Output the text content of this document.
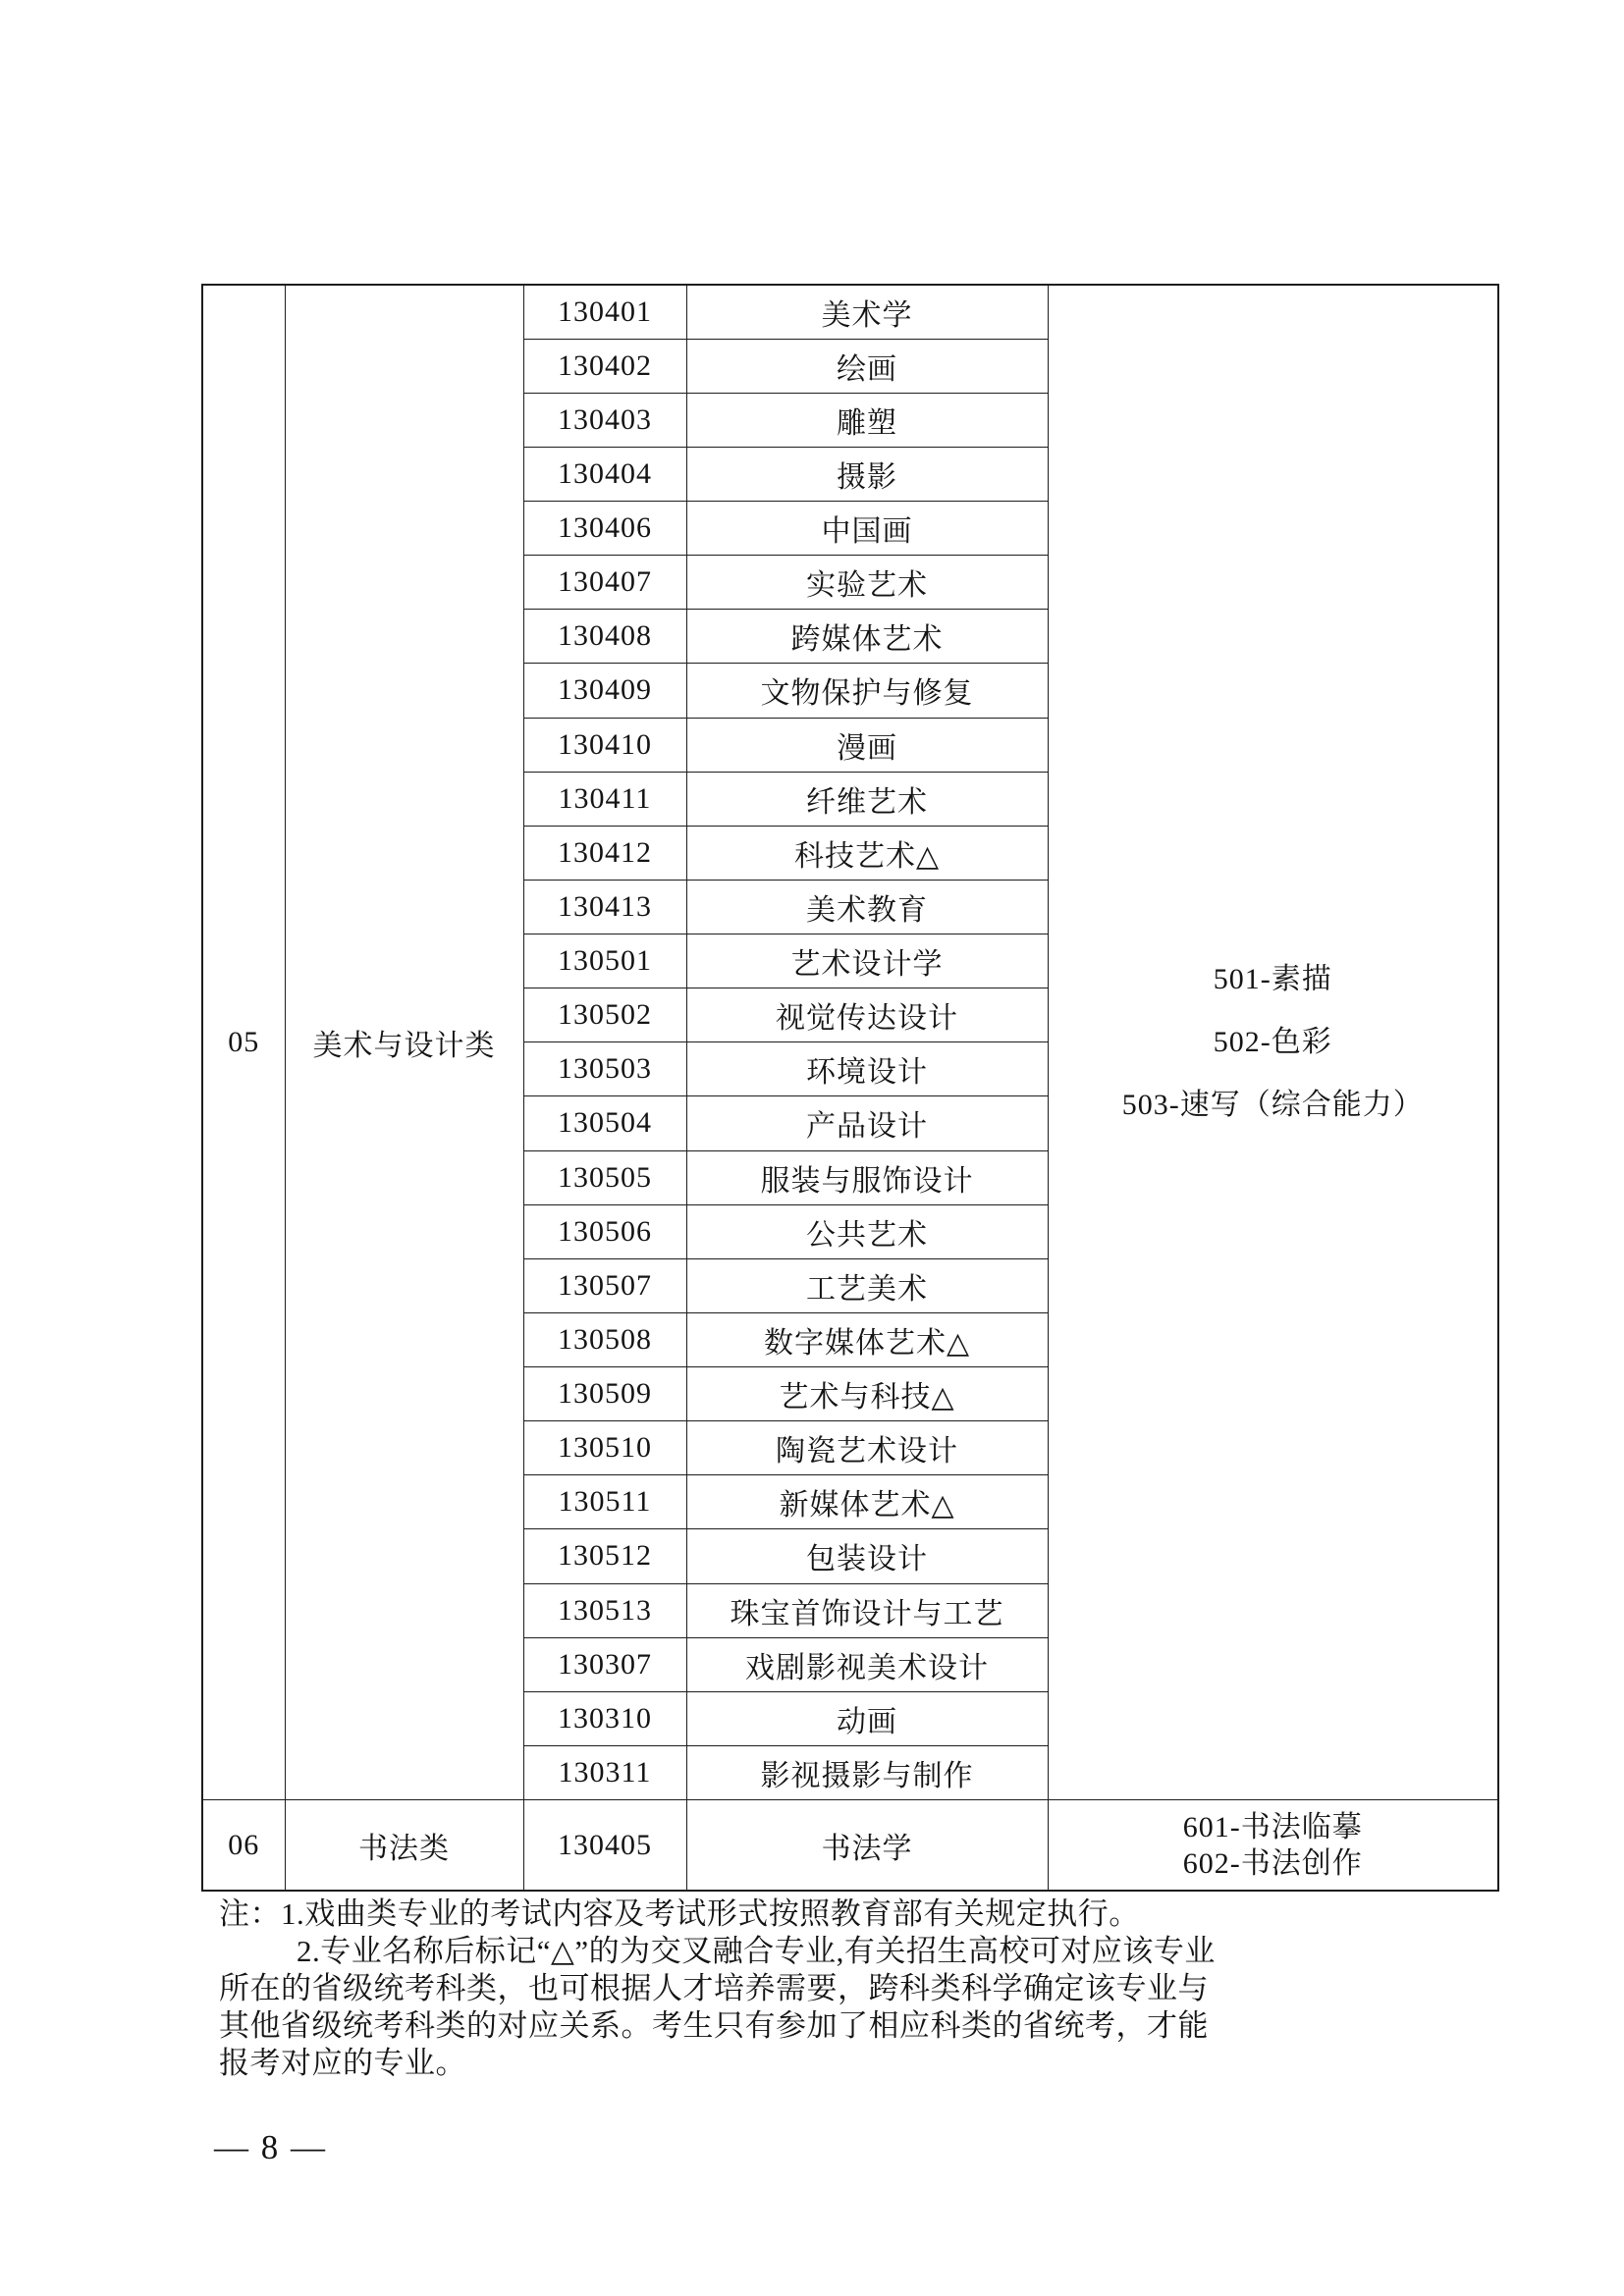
05	美术与设计类	130401	美术学	501-素描
502-色彩
503-速写（综合能力）

		130402	绘画	
		130403	雕塑	
		130404	摄影	
		130406	中国画	
		130407	实验艺术	
		130408	跨媒体艺术	
		130409	文物保护与修复	
		130410	漫画	
		130411	纤维艺术	
		130412	科技艺术△	
		130413	美术教育	
		130501	艺术设计学	
		130502	视觉传达设计	
		130503	环境设计	
		130504	产品设计	
		130505	服装与服饰设计	
		130506	公共艺术	
		130507	工艺美术	
		130508	数字媒体艺术△	
		130509	艺术与科技△	
		130510	陶瓷艺术设计	
		130511	新媒体艺术△	
		130512	包装设计	
		130513	珠宝首饰设计与工艺	
		130307	戏剧影视美术设计	
		130310	动画	
		130311	影视摄影与制作	
06	书法类	130405	书法学	601-书法临摹
602-书法创作
注：1.戏曲类专业的考试内容及考试形式按照教育部有关规定执行。
2.专业名称后标记“△”的为交叉融合专业,有关招生高校可对应该专业
所在的省级统考科类，也可根据人才培养需要，跨科类科学确定该专业与
其他省级统考科类的对应关系。考生只有参加了相应科类的省统考，才能
报考对应的专业。
— 8 —
